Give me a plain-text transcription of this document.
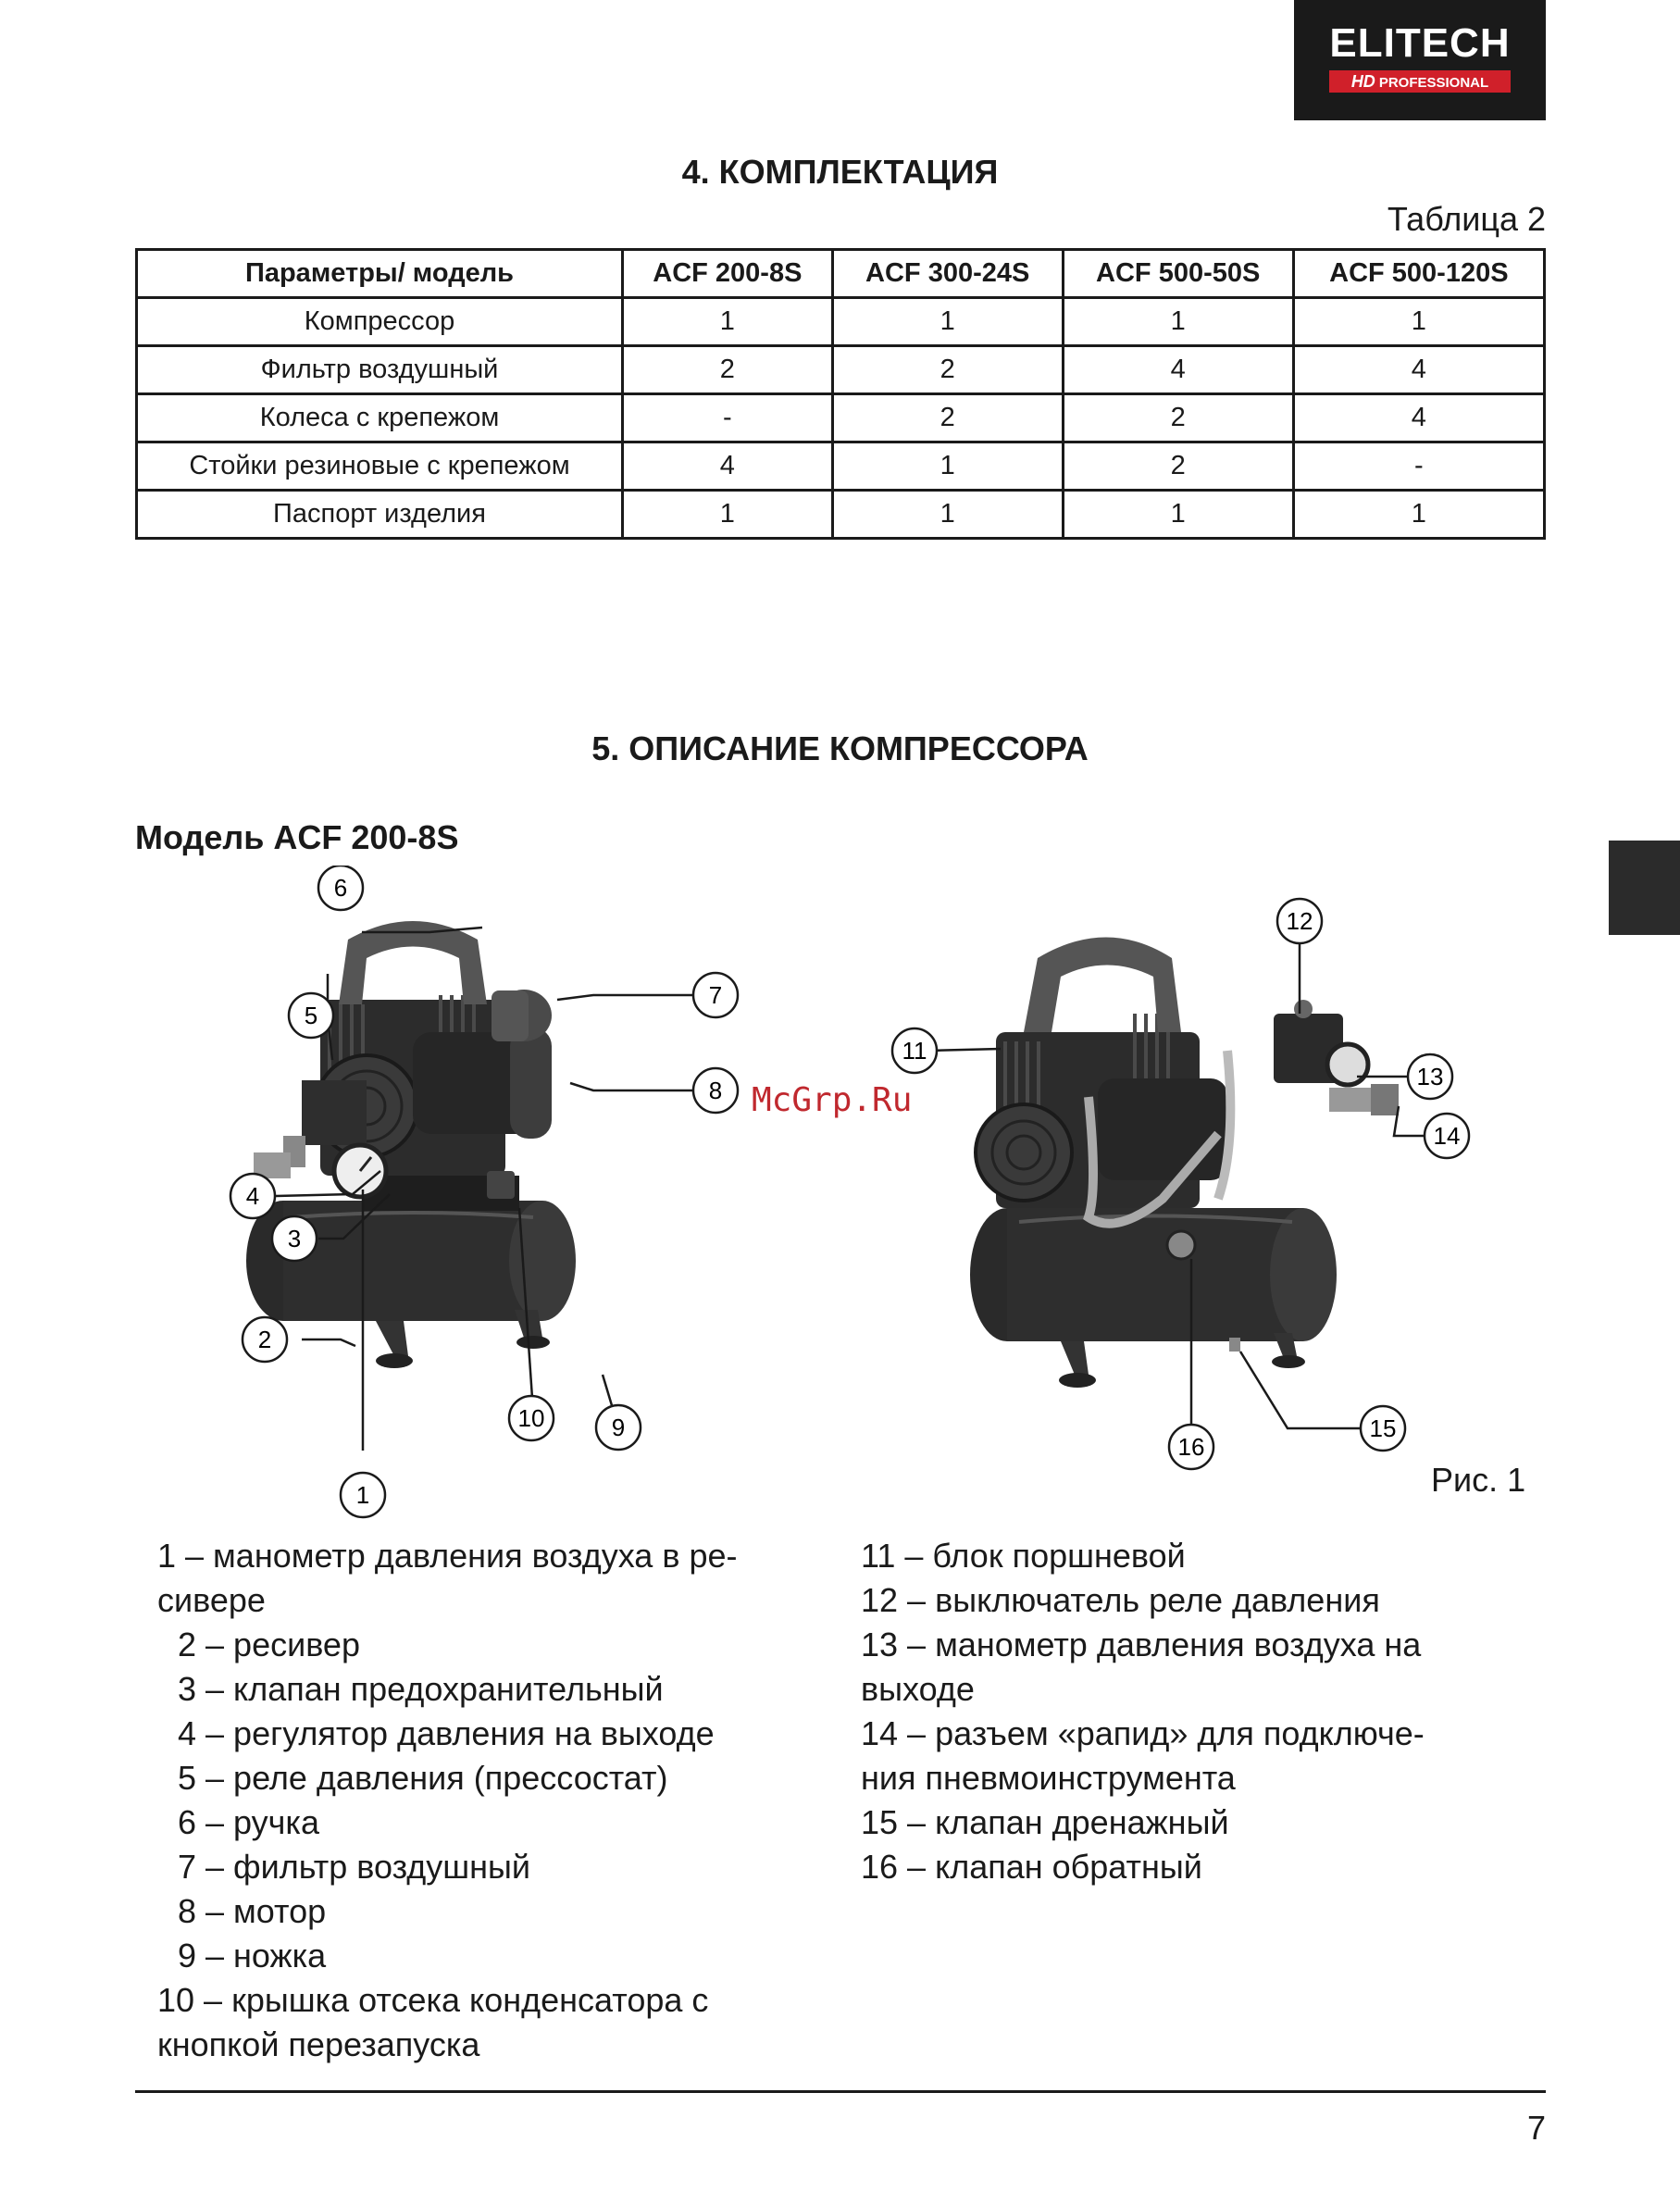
ELITECH
HD PROFESSIONAL
4. КОМПЛЕКТАЦИЯ
Таблица 2
Параметры/ модель	ACF 200-8S	ACF 300-24S	ACF 500-50S	ACF 500-120S
Компрессор	1	1	1	1
Фильтр воздушный	2	2	4	4
Колеса с крепежом	-	2	2	4
Стойки резиновые с крепежом	4	1	2	-
Паспорт изделия	1	1	1	1
5. ОПИСАНИЕ КОМПРЕССОРА
Модель ACF 200-8S
1
2
3
4
5
6
7
8
9
10
11
12
13
14
15
16
McGrp.Ru
Рис. 1
1 – манометр давления воздуха в ре-
сивере
2 – ресивер
3 – клапан предохранительный
4 – регулятор давления на выходе
5 – реле давления (прессостат)
6 – ручка
7 – фильтр воздушный
8 – мотор
9 – ножка
10 – крышка отсека конденсатора с
кнопкой перезапуска
11 – блок поршневой
12 – выключатель реле давления
13 – манометр давления воздуха на
выходе
14 – разъем «рапид» для подключе-
ния пневмоинструмента
15 – клапан дренажный
16 – клапан обратный
7
